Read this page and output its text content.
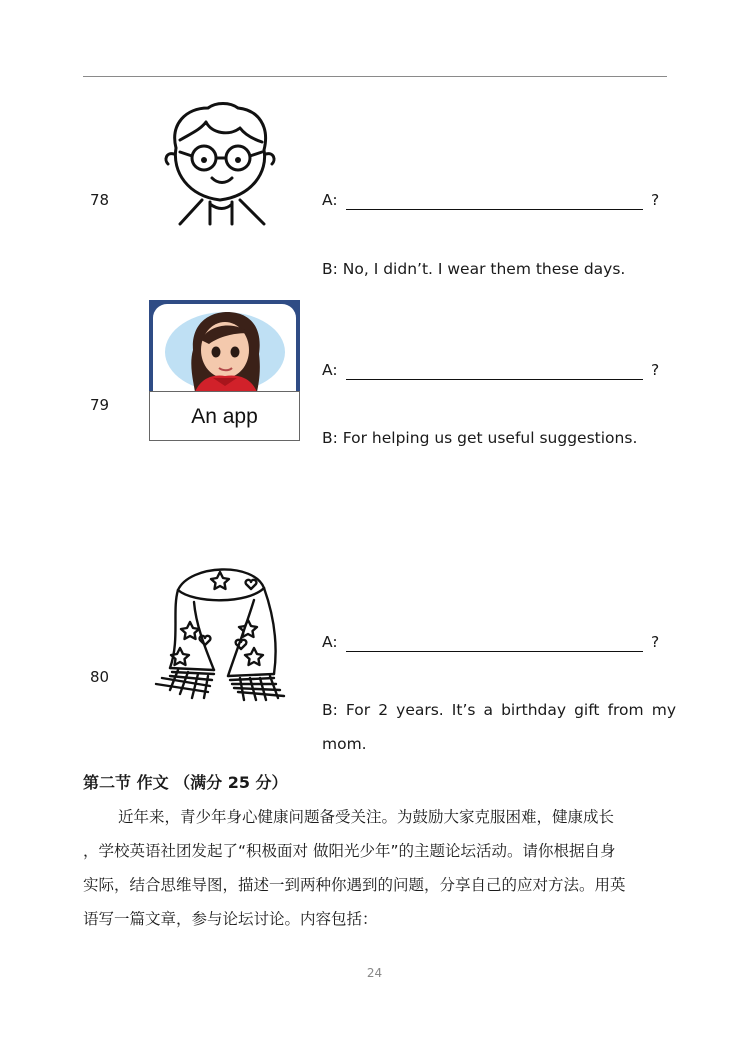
78	A:	?
B: No, I didn’t. I wear them these days.
An app
79
A:	?
B: For helping us get useful suggestions.
80
A:	?
B: For 2 years. It’s a birthday gift from my
mom.
第二节 作文 （满分 25 分）
近年来，青少年身心健康问题备受关注。为鼓励大家克服困难，健康成长
，学校英语社团发起了“积极面对 做阳光少年”的主题论坛活动。请你根据自身
实际，结合思维导图，描述一到两种你遇到的问题，分享自己的应对方法。用英
语写一篇文章，参与论坛讨论。内容包括：
24
